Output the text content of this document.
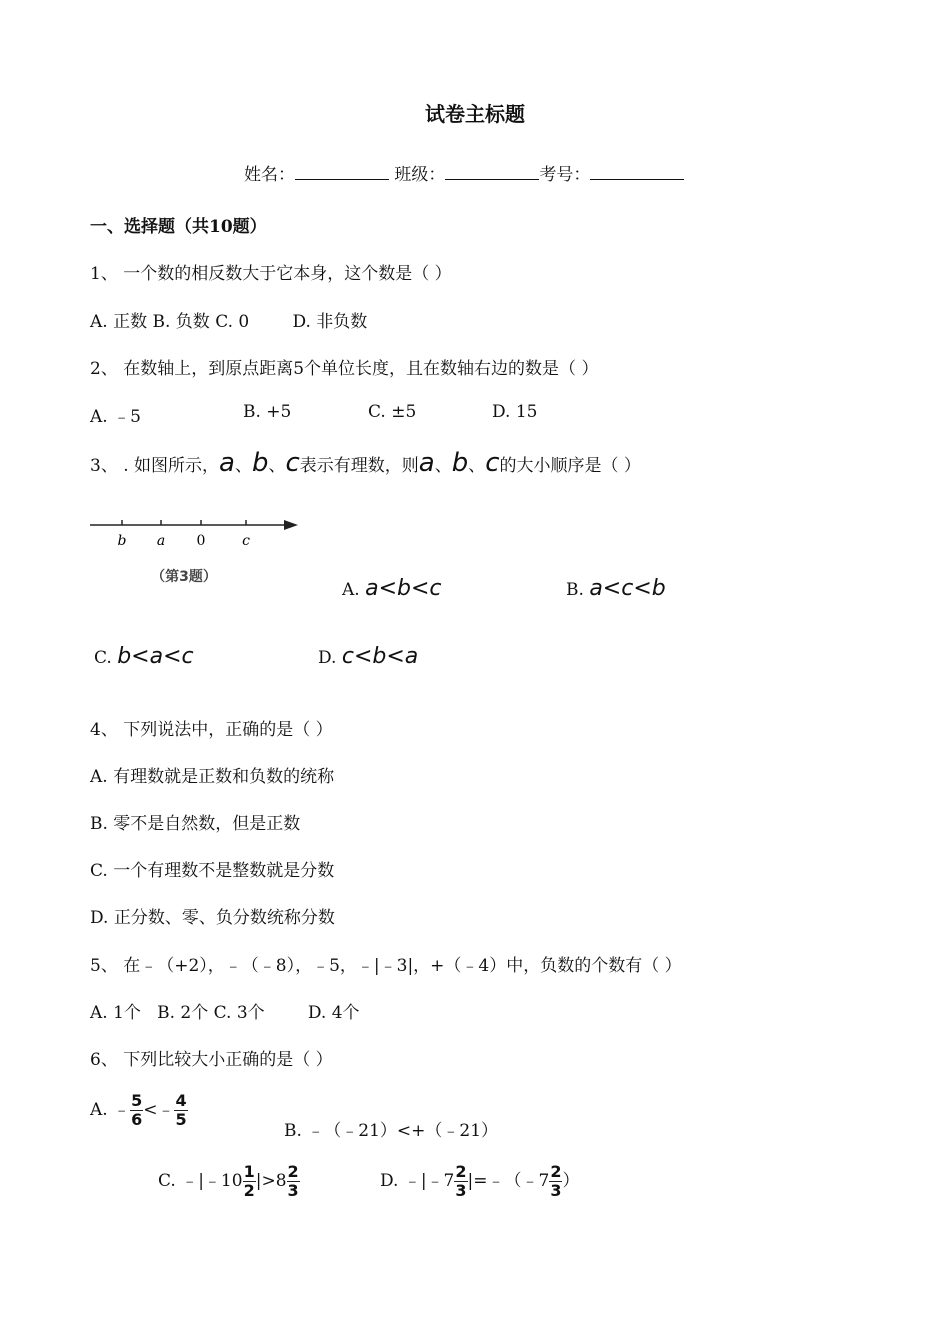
试卷主标题
姓名：	班级：	考号：
一、选择题（共10题）
1、 一个数的相反数大于它本身，这个数是（ ）
A. 正数 B. 负数 C. 0        D. 非负数
2、 在数轴上，到原点距离5个单位长度，且在数轴右边的数是（ ）
A. ﹣5	B. +5	C. ±5	D. 15
3、 . 如图所示，a、b、c表示有理数，则a、b、c的大小顺序是（ ）
b a 0	c
（第3题）
A. a<b<c	B. a<c<b
C. b<a<c	D. c<b<a
4、 下列说法中，正确的是（ ）
A. 有理数就是正数和负数的统称
B. 零不是自然数，但是正数
C. 一个有理数不是整数就是分数
D. 正分数、零、负分数统称分数
5、 在﹣（+2），﹣（﹣8），﹣5，﹣|﹣3|，+（﹣4）中，负数的个数有（ ）
A. 1个   B. 2个 C. 3个        D. 4个
6、 下列比较大小正确的是（ ）
A. ﹣ $\frac{5}{6}$ <﹣ $\frac{4}{5}$
B. ﹣（﹣21）<+（﹣21）
C. ﹣|﹣10 $\frac{1}{2} |>8 \frac{2}{3}$	D. ﹣|﹣7 $\frac{2}{3}$ |=﹣（﹣7 $\frac{2}{3}$ ）
